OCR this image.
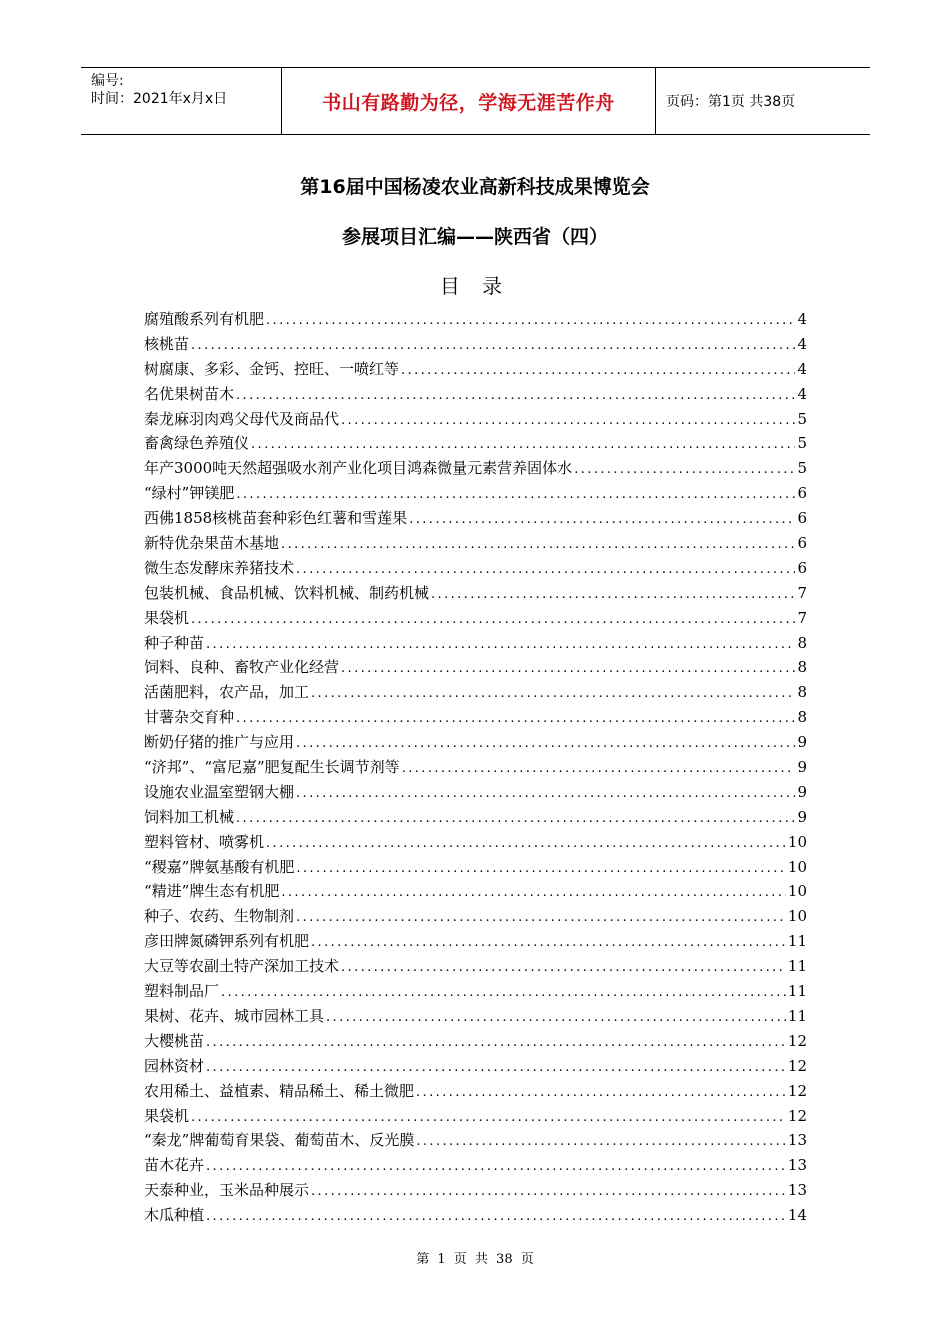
编号:
时间：2021年x月x日	书山有路勤为径，学海无涯苦作舟	页码：第1页 共38页
第16届中国杨凌农业高新科技成果博览会
参展项目汇编——陕西省（四）
目 录
腐殖酸系列有机肥 .....	4
核桃苗 .....	4
树腐康、多彩、金钙、控旺、一喷红等 .....	4
名优果树苗木 .....	4
秦龙麻羽肉鸡父母代及商品代 .....	5
畜禽绿色养殖仪 .....	5
年产3000吨天然超强吸水剂产业化项目鸿森微量元素营养固体水 .....	5
“绿村”钾镁肥 .....	6
西佛1858核桃苗套种彩色红薯和雪莲果 .....	6
新特优杂果苗木基地 .....	6
微生态发酵床养猪技术 .....	6
包装机械、食品机械、饮料机械、制药机械 .....	7
果袋机 .....	7
种子种苗 .....	8
饲料、良种、畜牧产业化经营 .....	8
活菌肥料，农产品，加工 .....	8
甘薯杂交育种 .....	8
断奶仔猪的推广与应用 .....	9
“济邦”、“富尼嘉”肥复配生长调节剂等 .....	9
设施农业温室塑钢大棚 .....	9
饲料加工机械 .....	9
塑料管材、喷雾机 .....	10
“稷嘉”牌氨基酸有机肥 .....	10
“精进”牌生态有机肥 .....	10
种子、农药、生物制剂 .....	10
彦田牌氮磷钾系列有机肥 .....	11
大豆等农副土特产深加工技术 .....	11
塑料制品厂 .....	11
果树、花卉、城市园林工具 .....	11
大樱桃苗 .....	12
园林资材 .....	12
农用稀土、益植素、精品稀土、稀土微肥 .....	12
果袋机 .....	12
“秦龙”牌葡萄育果袋、葡萄苗木、反光膜 .....	13
苗木花卉 .....	13
天泰种业，玉米品种展示 .....	13
木瓜种植 .....	14
第 1 页 共 38 页
